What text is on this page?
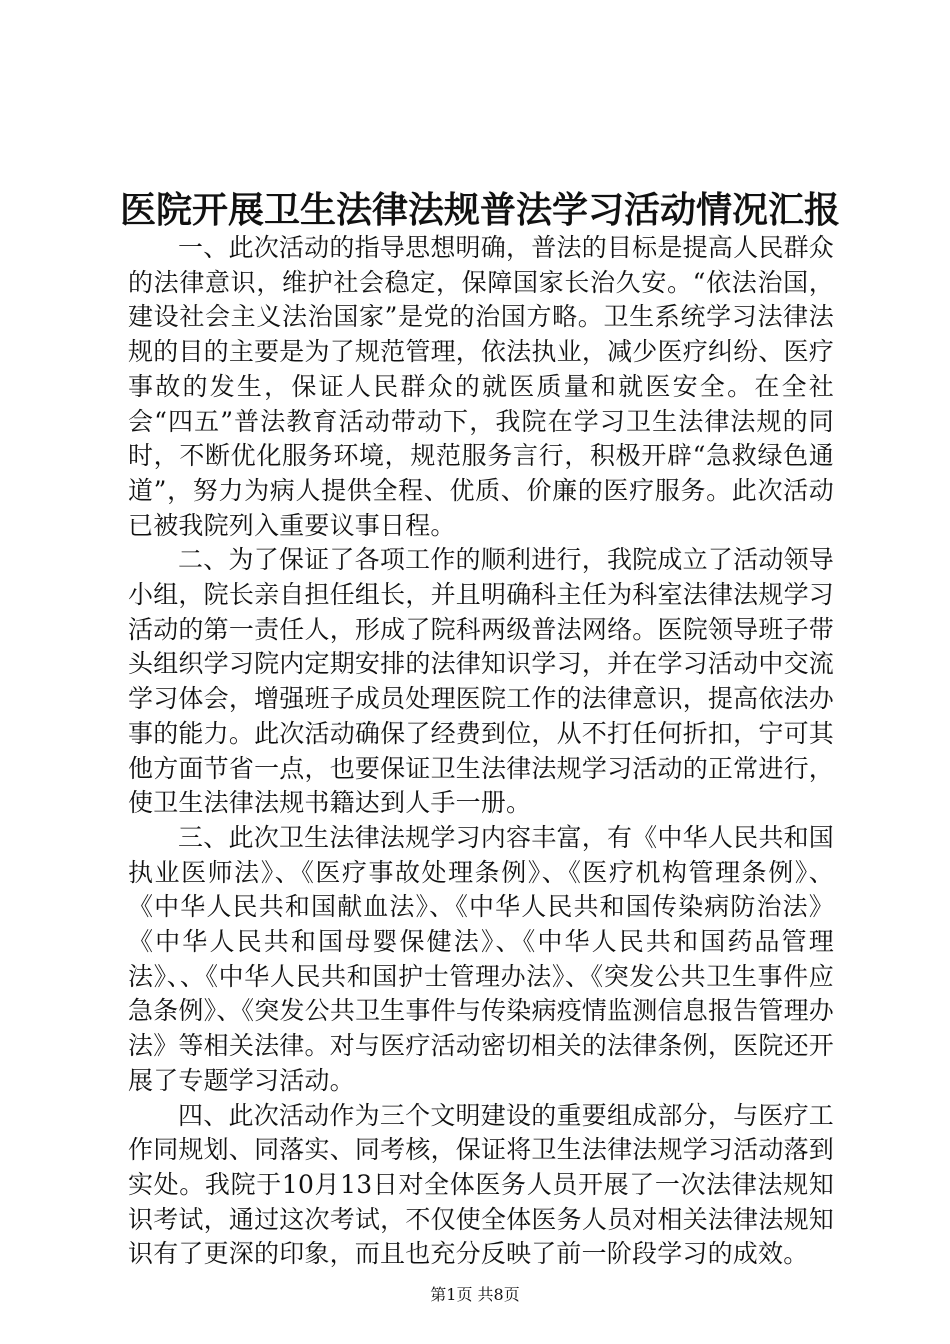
医院开展卫生法律法规普法学习活动情况汇报

一、此次活动的指导思想明确，普法的目标是提高人民群众的法律意识，维护社会稳定，保障国家长治久安。“依法治国，建设社会主义法治国家”是党的治国方略。卫生系统学习法律法规的目的主要是为了规范管理，依法执业，减少医疗纠纷、医疗事故的发生，保证人民群众的就医质量和就医安全。在全社会“四五”普法教育活动带动下，我院在学习卫生法律法规的同时，不断优化服务环境，规范服务言行，积极开辟“急救绿色通道”，努力为病人提供全程、优质、价廉的医疗服务。此次活动已被我院列入重要议事日程。

二、为了保证了各项工作的顺利进行，我院成立了活动领导小组，院长亲自担任组长，并且明确科主任为科室法律法规学习活动的第一责任人，形成了院科两级普法网络。医院领导班子带头组织学习院内定期安排的法律知识学习，并在学习活动中交流学习体会，增强班子成员处理医院工作的法律意识，提高依法办事的能力。此次活动确保了经费到位，从不打任何折扣，宁可其他方面节省一点，也要保证卫生法律法规学习活动的正常进行，使卫生法律法规书籍达到人手一册。

三、此次卫生法律法规学习内容丰富，有《中华人民共和国执业医师法》、《医疗事故处理条例》、《医疗机构管理条例》、《中华人民共和国献血法》、《中华人民共和国传染病防治法》《中华人民共和国母婴保健法》、《中华人民共和国药品管理法》、、《中华人民共和国护士管理办法》、《突发公共卫生事件应急条例》、《突发公共卫生事件与传染病疫情监测信息报告管理办法》等相关法律。对与医疗活动密切相关的法律条例，医院还开展了专题学习活动。

四、此次活动作为三个文明建设的重要组成部分，与医疗工作同规划、同落实、同考核，保证将卫生法律法规学习活动落到实处。我院于10月13日对全体医务人员开展了一次法律法规知识考试，通过这次考试，不仅使全体医务人员对相关法律法规知识有了更深的印象，而且也充分反映了前一阶段学习的成效。

第1页 共8页
